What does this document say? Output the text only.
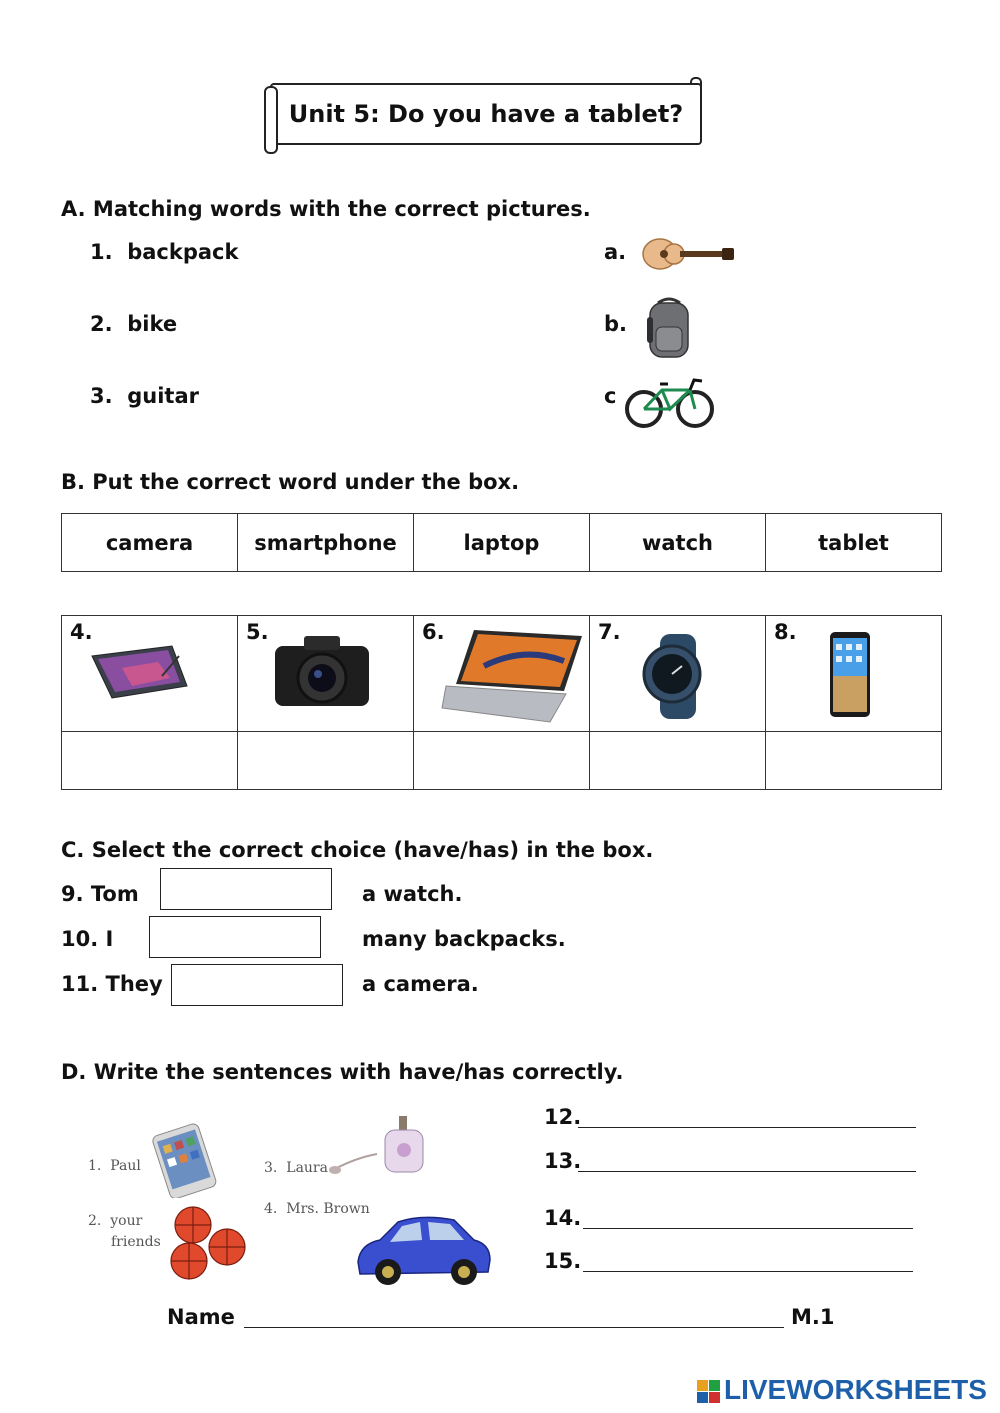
Unit 5: Do you have a tablet?
A. Matching words with the correct pictures.
1. backpack
2. bike
3. guitar
a.
b.
c
B. Put the correct word under the box.
camera	smartphone	laptop	watch	tablet
4.	5.	6.	7.	8.

C. Select the correct choice (have/has) in the box.
9. Tom	a watch.
10. I	many backpacks.
11. They	a camera.
D. Write the sentences with have/has correctly.
1. Paul
2. your
friends
3. Laura
4. Mrs. Brown
12.
13.
14.
15.
Name	M.1
LIVEWORKSHEETS
